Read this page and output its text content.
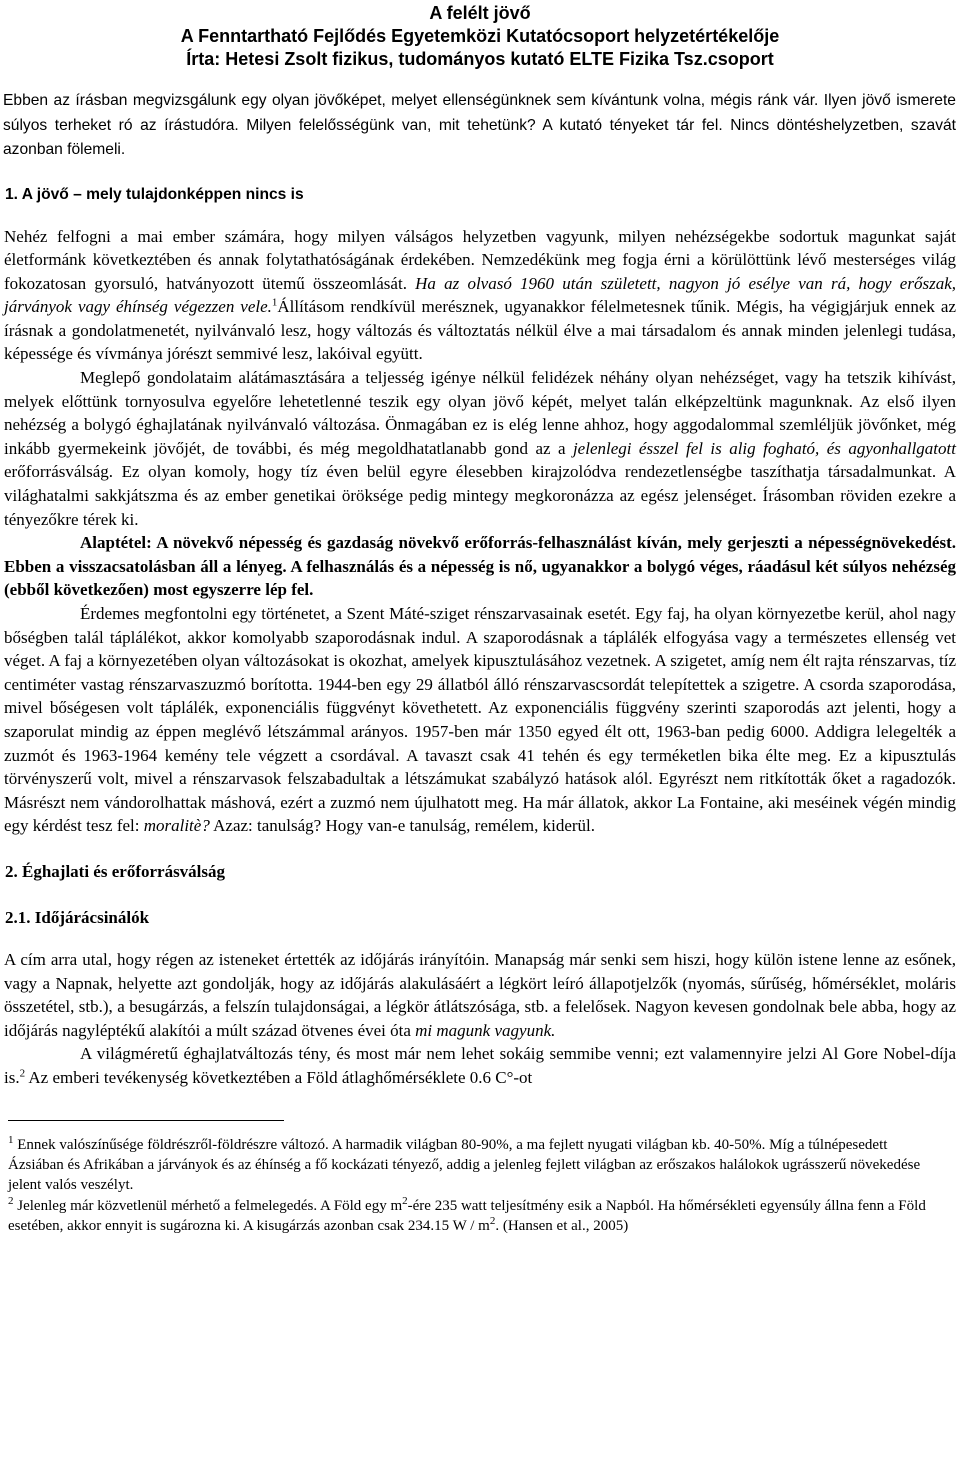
A felélt jövő
A Fenntartható Fejlődés Egyetemközi Kutatócsoport helyzetértékelője
Írta: Hetesi Zsolt fizikus, tudományos kutató ELTE Fizika Tsz.csoport
Ebben az írásban megvizsgálunk egy olyan jövőképet, melyet ellenségünknek sem kívántunk volna, mégis ránk vár. Ilyen jövő ismerete súlyos terheket ró az írástudóra. Milyen felelősségünk van, mit tehetünk? A kutató tényeket tár fel. Nincs döntéshelyzetben, szavát azonban fölemeli.
1. A jövő – mely tulajdonképpen nincs is

Nehéz felfogni a mai ember számára, hogy milyen válságos helyzetben vagyunk, milyen nehézségekbe sodortuk magunkat saját életformánk következtében és annak folytathatóságának érdekében. Nemzedékünk meg fogja érni a körülöttünk lévő mesterséges világ fokozatosan gyorsuló, hatványozott ütemű összeomlását. Ha az olvasó 1960 után született, nagyon jó esélye van rá, hogy erőszak, járványok vagy éhínség végezzen vele.$^1$Állításom rendkívül merésznek, ugyanakkor félelmetesnek tűnik. Mégis, ha végigjárjuk ennek az írásnak a gondolatmenetét, nyilvánvaló lesz, hogy változás és változtatás nélkül élve a mai társadalom és annak minden jelenlegi tudása, képessége és vívmánya jórészt semmivé lesz, lakóival együtt.

Meglepő gondolataim alátámasztására a teljesség igénye nélkül felidézek néhány olyan nehézséget, vagy ha tetszik kihívást, melyek előttünk tornyosulva egyelőre lehetetlenné teszik egy olyan jövő képét, melyet talán elképzeltünk magunknak. Az első ilyen nehézség a bolygó éghajlatának nyilvánvaló változása. Önmagában ez is elég lenne ahhoz, hogy aggodalommal szemléljük jövőnket, még inkább gyermekeink jövőjét, de további, és még megoldhatatlanabb gond az a jelenlegi ésszel fel is alig fogható, és agyonhallgatott erőforrásválság. Ez olyan komoly, hogy tíz éven belül egyre élesebben kirajzolódva rendezetlenségbe taszíthatja társadalmunkat. A világhatalmi sakkjátszma és az ember genetikai öröksége pedig mintegy megkoronázza az egész jelenséget. Írásomban röviden ezekre a tényezőkre térek ki.

Alaptétel: A növekvő népesség és gazdaság növekvő erőforrás-felhasználást kíván, mely gerjeszti a népességnövekedést. Ebben a visszacsatolásban áll a lényeg. A felhasználás és a népesség is nő, ugyanakkor a bolygó véges, ráadásul két súlyos nehézség (ebből következően) most egyszerre lép fel.

Érdemes megfontolni egy történetet, a Szent Máté-sziget rénszarvasainak esetét. Egy faj, ha olyan környezetbe kerül, ahol nagy bőségben talál táplálékot, akkor komolyabb szaporodásnak indul. A szaporodásnak a táplálék elfogyása vagy a természetes ellenség vet véget. A faj a környezetében olyan változásokat is okozhat, amelyek kipusztulásához vezetnek. A szigetet, amíg nem élt rajta rénszarvas, tíz centiméter vastag rénszarvaszuzmó borította. 1944-ben egy 29 állatból álló rénszarvascsordát telepítettek a szigetre. A csorda szaporodása, mivel bőségesen volt táplálék, exponenciális függvényt követhetett. Az exponenciális függvény szerinti szaporodás azt jelenti, hogy a szaporulat mindig az éppen meglévő létszámmal arányos. 1957-ben már 1350 egyed élt ott, 1963-ban pedig 6000. Addigra lelegelték a zuzmót és 1963-1964 kemény tele végzett a csordával. A tavaszt csak 41 tehén és egy terméketlen bika élte meg. Ez a kipusztulás törvényszerű volt, mivel a rénszarvasok felszabadultak a létszámukat szabályzó hatások alól. Egyrészt nem ritkították őket a ragadozók. Másrészt nem vándorolhattak máshová, ezért a zuzmó nem újulhatott meg. Ha már állatok, akkor La Fontaine, aki meséinek végén mindig egy kérdést tesz fel: moralitè? Azaz: tanulság? Hogy van-e tanulság, remélem, kiderül.

2. Éghajlati és erőforrásválság
2.1. Időjárácsinálók

A cím arra utal, hogy régen az isteneket értették az időjárás irányítóin. Manapság már senki sem hiszi, hogy külön istene lenne az esőnek, vagy a Napnak, helyette azt gondolják, hogy az időjárás alakulásáért a légkört leíró állapotjelzők (nyomás, sűrűség, hőmérséklet, moláris összetétel, stb.), a besugárzás, a felszín tulajdonságai, a légkör átlátszósága, stb. a felelősek. Nagyon kevesen gondolnak bele abba, hogy az időjárás nagyléptékű alakítói a múlt század ötvenes évei óta mi magunk vagyunk.

A világméretű éghajlatváltozás tény, és most már nem lehet sokáig semmibe venni; ezt valamennyire jelzi Al Gore Nobel-díja is.$^2$ Az emberi tevékenység következtében a Föld átlaghőmérséklete 0.6 C°-ot

$^1$ Ennek valószínűsége földrészről-földrészre változó. A harmadik világban 80-90%, a ma fejlett nyugati világban kb. 40-50%. Míg a túlnépesedett Ázsiában és Afrikában a járványok és az éhínség a fő kockázati tényező, addig a jelenleg fejlett világban az erőszakos halálokok ugrásszerű növekedése jelent valós veszélyt.

$^2$ Jelenleg már közvetlenül mérhető a felmelegedés. A Föld egy $m^2$-ére 235 watt teljesítmény esik a Napból. Ha hőmérsékleti egyensúly állna fenn a Föld esetében, akkor ennyit is sugározna ki. A kisugárzás azonban csak 234.15 W / $m^2$. (Hansen et al., 2005)
